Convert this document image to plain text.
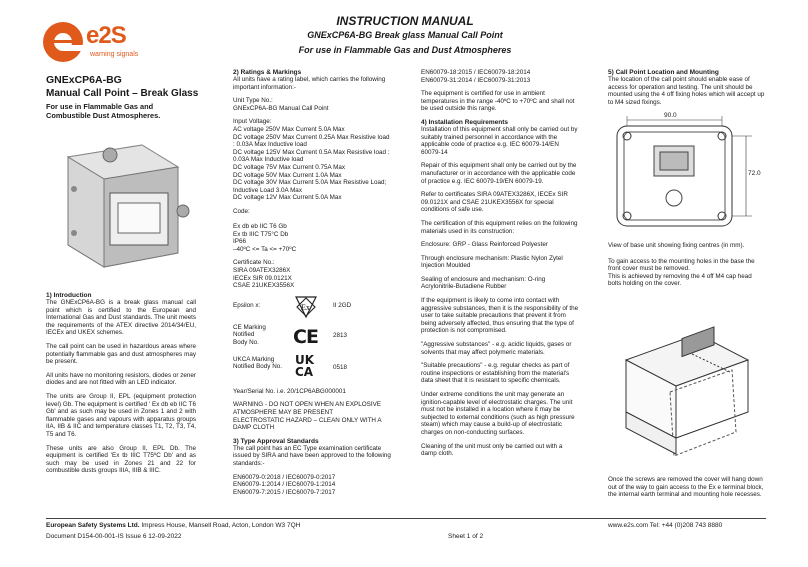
INSTRUCTION MANUAL
GNExCP6A-BG Break glass Manual Call Point
For use in Flammable Gas and Dust Atmospheres
e2S
warning signals
GNExCP6A-BG
Manual Call Point – Break Glass
For use in Flammable Gas and Combustible Dust Atmospheres.
1) Introduction
The GNExCP6A-BG is a break glass manual call point which is certified to the European and International Gas and Dust standards. The unit meets the requirements of the ATEX directive 2014/34/EU, IECEx and UKEX schemes.
The call point can be used in hazardous areas where potentially flammable gas and dust atmospheres may be present.
All units have no monitoring resistors, diodes or zener diodes and are not fitted with an LED indicator.
The units are Group II, EPL (equipment protection level) Gb. The equipment is certified ' Ex db eb IIC T6 Gb' and as such may be used in Zones 1 and 2 with flammable gases and vapours with apparatus groups IIA, IIB & IIC and temperature classes T1, T2, T3, T4, T5 and T6.
These units are also Group II, EPL Db. The equipment is certified 'Ex tb IIIC T75ºC Db' and as such may be used in Zones 21 and 22 for combustible dusts groups IIIA, IIIB & IIIC.
2) Ratings & Markings
All units have a rating label, which carries the following important information:-
Unit Type No.:
GNExCP6A-BG Manual Call Point
Input Voltage:
AC voltage 250V Max Current 5.0A Max
DC voltage 250V Max Current 0.25A Max Resistive load : 0.03A Max Inductive load
DC voltage 125V Max Current 0.5A Max Resistive load : 0.03A Max Inductive load
DC voltage 75V Max Current 0.75A Max
DC voltage 50V Max Current 1.0A Max
DC voltage 30V Max Current 5.0A Max Resistive Load; Inductive Load 3.0A Max
DC voltage 12V Max Current 5.0A Max
Code:

Ex db eb IIC T6 Gb
Ex tb IIIC T75°C Db
IP66
–40ºC <= Ta <= +70ºC
Certificate No.:
SIRA 09ATEX3286X
IECEx SIR 09.0121X
CSAE 21UKEX3556X
Epsilon x:	Ex	II 2GD
CE Marking
Notified
Body No.	CE 2813
UKCA Marking
Notified Body No.
UK
CA	0518
Year/Serial No. i.e. 20/1CP6ABG000001
WARNING - DO NOT OPEN WHEN AN EXPLOSIVE ATMOSPHERE MAY BE PRESENT
ELECTROSTATIC HAZARD – CLEAN ONLY WITH A DAMP CLOTH
3) Type Approval Standards
The call point has an EC Type examination certificate issued by SIRA and have been approved to the following standards:-
EN60079-0:2018 / IEC60079-0:2017
EN60079-1:2014 / IEC60079-1:2014
EN60079-7:2015 / IEC60079-7:2017
EN60079-18:2015 / IEC60079-18:2014
EN60079-31:2014 / IEC60079-31:2013
The equipment is certified for use in ambient temperatures in the range -40ºC to +70ºC and shall not be used outside this range.
4) Installation Requirements
Installation of this equipment shall only be carried out by suitably trained personnel in accordance with the applicable code of practice e.g. IEC 60079-14/EN 60079-14
Repair of this equipment shall only be carried out by the manufacturer or in accordance with the applicable code of practice e.g. IEC 60079-19/EN 60079-19.
Refer to certificates SIRA 09ATEX3286X, IECEx SIR 09.0121X and CSAE 21UKEX3556X for special conditions of safe use.
The certification of this equipment relies on the following materials used in its construction:
Enclosure: GRP - Glass Reinforced Polyester
Through enclosure mechanism: Plastic Nylon Zytel Injection Moulded
Sealing of enclosure and mechanism: O-ring Acrylonitrile-Butadiene Rubber
If the equipment is likely to come into contact with aggressive substances, then it is the responsibility of the user to take suitable precautions that prevent it from being adversely affected, thus ensuring that the type of protection is not compromised.
"Aggressive substances" - e.g. acidic liquids, gases or solvents that may affect polymeric materials.
"Suitable precautions" - e.g. regular checks as part of routine inspections or establishing from the material's data sheet that it is resistant to specific chemicals.
Under extreme conditions the unit may generate an ignition-capable level of electrostatic charges. The unit must not be installed in a location where it may be subjected to external conditions (such as high pressure steam) which may cause a build-up of electrostatic charges on non-conducting surfaces.
Cleaning of the unit must only be carried out with a damp cloth.
5) Call Point Location and Mounting
The location of the call point should enable ease of access for operation and testing. The unit should be mounted using the 4 off fixing holes which will accept up to M4 sized fixings.
90.0
72.0
View of base unit showing fixing centres (in mm).
To gain access to the mounting holes in the base the front cover must be removed.
This is achieved by removing the 4 off M4 cap head bolts holding on the cover.
Once the screws are removed the cover will hang down out of the way to gain access to the Ex e terminal block, the internal earth terminal and mounting hole recesses.
European Safety Systems Ltd. Impress House, Mansell Road, Acton, London W3 7QH	www.e2s.com Tel: +44 (0)208 743 8880
Document D154-00-001-IS Issue 6 12-09-2022	Sheet 1 of 2
